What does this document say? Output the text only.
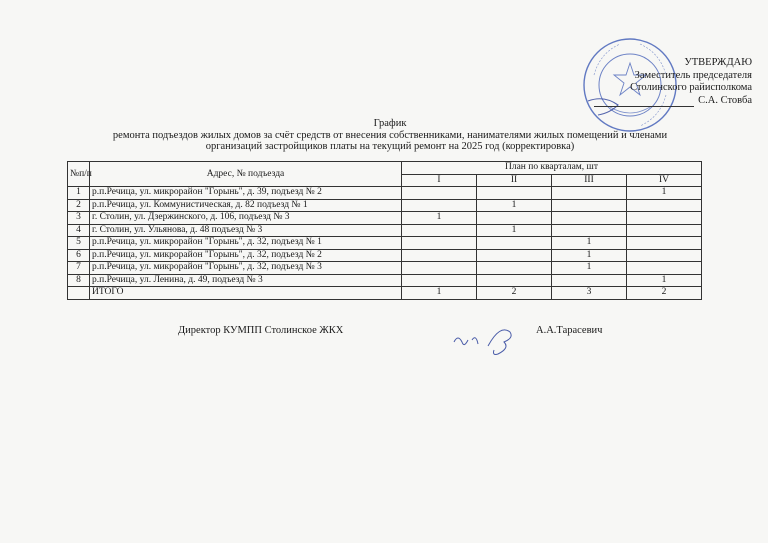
УТВЕРЖДАЮ
Заместитель председателя
Столинского райисполкома
С.А. Стовба
График
ремонта подъездов жилых домов за счёт средств от внесения собственниками, нанимателями жилых помещений и членами
организаций застройщиков платы на текущий ремонт на 2025 год (корректировка)
№п/п	Адрес, № подъезда	План по кварталам, шт			
		I	II	III	IV
1	р.п.Речица, ул. микрорайон "Горынь", д. 39, подъезд № 2				1
2	р.п.Речица, ул. Коммунистическая, д. 82 подъезд № 1		1		
3	г. Столин, ул. Дзержинского, д. 106, подъезд № 3	1			
4	г. Столин, ул. Ульянова, д. 48 подъезд № 3		1		
5	р.п.Речица, ул. микрорайон "Горынь", д. 32, подъезд № 1			1	
6	р.п.Речица, ул. микрорайон "Горынь", д. 32, подъезд № 2			1	
7	р.п.Речица, ул. микрорайон "Горынь", д. 32, подъезд № 3			1	
8	р.п.Речица, ул. Ленина, д. 49, подъезд № 3				1
	ИТОГО	1	2	3	2
Директор КУМПП Столинское ЖКХ	А.А.Тарасевич
